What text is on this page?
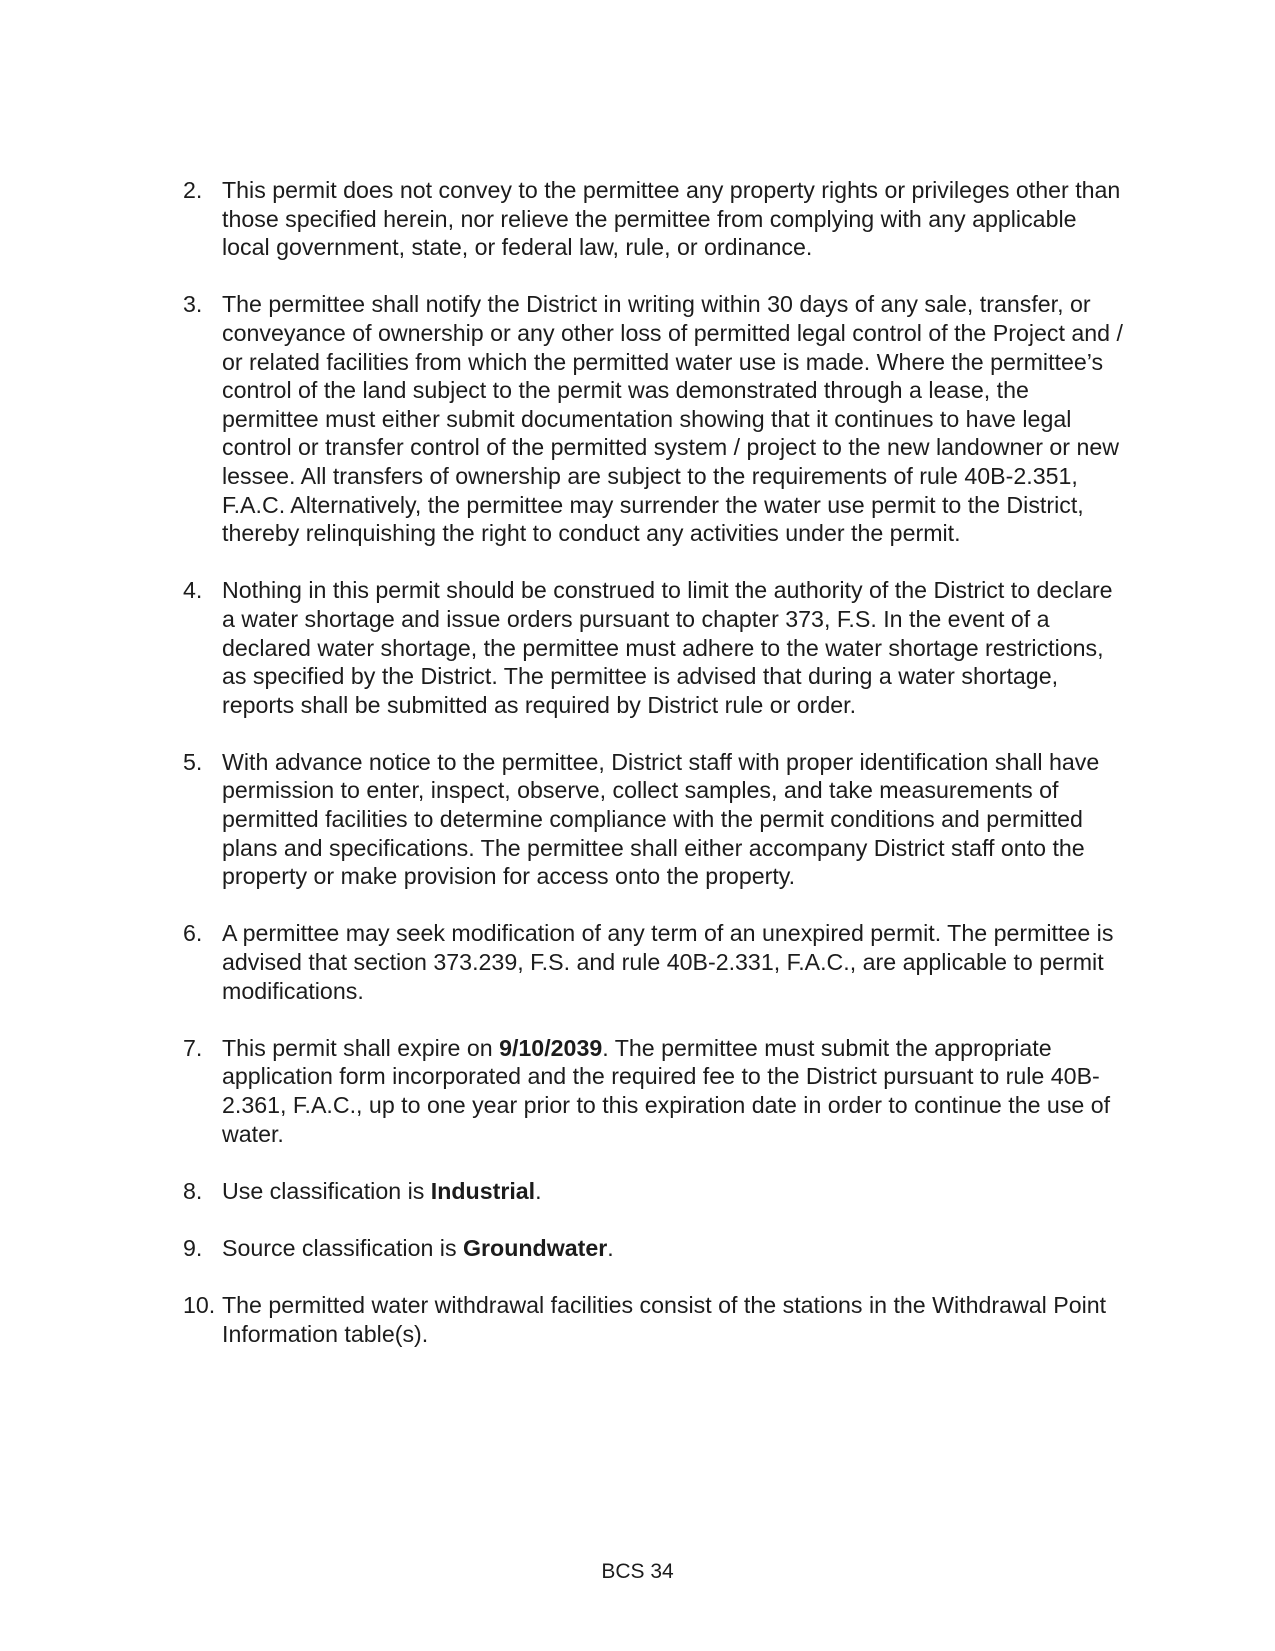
2. This permit does not convey to the permittee any property rights or privileges other than those specified herein, nor relieve the permittee from complying with any applicable local government, state, or federal law, rule, or ordinance.
3. The permittee shall notify the District in writing within 30 days of any sale, transfer, or conveyance of ownership or any other loss of permitted legal control of the Project and / or related facilities from which the permitted water use is made. Where the permittee’s control of the land subject to the permit was demonstrated through a lease, the permittee must either submit documentation showing that it continues to have legal control or transfer control of the permitted system / project to the new landowner or new lessee. All transfers of ownership are subject to the requirements of rule 40B-2.351, F.A.C. Alternatively, the permittee may surrender the water use permit to the District, thereby relinquishing the right to conduct any activities under the permit.
4. Nothing in this permit should be construed to limit the authority of the District to declare a water shortage and issue orders pursuant to chapter 373, F.S. In the event of a declared water shortage, the permittee must adhere to the water shortage restrictions, as specified by the District. The permittee is advised that during a water shortage, reports shall be submitted as required by District rule or order.
5. With advance notice to the permittee, District staff with proper identification shall have permission to enter, inspect, observe, collect samples, and take measurements of permitted facilities to determine compliance with the permit conditions and permitted plans and specifications. The permittee shall either accompany District staff onto the property or make provision for access onto the property.
6. A permittee may seek modification of any term of an unexpired permit. The permittee is advised that section 373.239, F.S. and rule 40B-2.331, F.A.C., are applicable to permit modifications.
7. This permit shall expire on 9/10/2039. The permittee must submit the appropriate application form incorporated and the required fee to the District pursuant to rule 40B-2.361, F.A.C., up to one year prior to this expiration date in order to continue the use of water.
8. Use classification is Industrial.
9. Source classification is Groundwater.
10. The permitted water withdrawal facilities consist of the stations in the Withdrawal Point Information table(s).
BCS 34
